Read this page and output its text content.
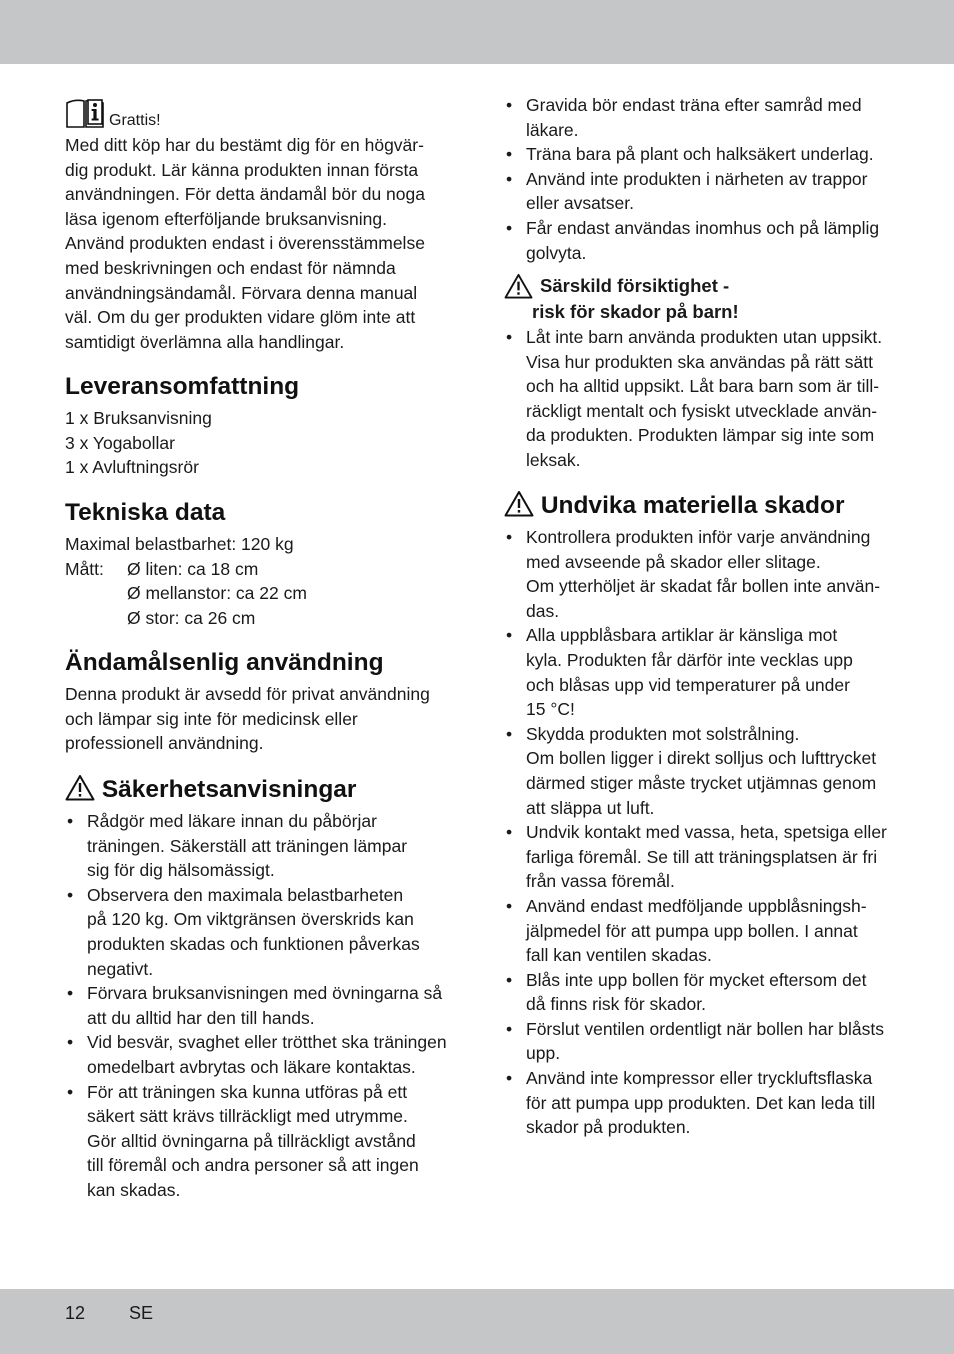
Grattis!
Med ditt köp har du bestämt dig för en högvär-
dig produkt. Lär känna produkten innan första
användningen. För detta ändamål bör du noga
läsa igenom efterföljande bruksanvisning.
Använd produkten endast i överensstämmelse
med beskrivningen och endast för nämnda
användningsändamål. Förvara denna manual
väl. Om du ger produkten vidare glöm inte att
samtidigt överlämna alla handlingar.
Leveransomfattning
1 x Bruksanvisning
3 x Yogabollar
1 x Avluftningsrör
Tekniska data
Maximal belastbarhet: 120 kg
Mått:	Ø liten: ca 18 cm
Ø mellanstor: ca 22 cm
Ø stor: ca 26 cm
Ändamålsenlig användning
Denna produkt är avsedd för privat användning
och lämpar sig inte för medicinsk eller
professionell användning.
Säkerhetsanvisningar
• Rådgör med läkare innan du påbörjar
träningen. Säkerställ att träningen lämpar
sig för dig hälsomässigt.
• Observera den maximala belastbarheten
på 120 kg. Om viktgränsen överskrids kan
produkten skadas och funktionen påverkas
negativt.
• Förvara bruksanvisningen med övningarna så
att du alltid har den till hands.
• Vid besvär, svaghet eller trötthet ska träningen
omedelbart avbrytas och läkare kontaktas.
• För att träningen ska kunna utföras på ett
säkert sätt krävs tillräckligt med utrymme.
Gör alltid övningarna på tillräckligt avstånd
till föremål och andra personer så att ingen
kan skadas.
• Gravida bör endast träna efter samråd med
läkare.
• Träna bara på plant och halksäkert underlag.
• Använd inte produkten i närheten av trappor
eller avsatser.
• Får endast användas inomhus och på lämplig
golvyta.
Särskild försiktighet -
risk för skador på barn!
• Låt inte barn använda produkten utan uppsikt.
Visa hur produkten ska användas på rätt sätt
och ha alltid uppsikt. Låt bara barn som är till-
räckligt mentalt och fysiskt utvecklade använ-
da produkten. Produkten lämpar sig inte som
leksak.
Undvika materiella skador
• Kontrollera produkten inför varje användning
med avseende på skador eller slitage.
Om ytterhöljet är skadat får bollen inte använ-
das.
• Alla uppblåsbara artiklar är känsliga mot
kyla. Produkten får därför inte vecklas upp
och blåsas upp vid temperaturer på under
15 °C!
• Skydda produkten mot solstrålning.
Om bollen ligger i direkt solljus och lufttrycket
därmed stiger måste trycket utjämnas genom
att släppa ut luft.
• Undvik kontakt med vassa, heta, spetsiga eller
farliga föremål. Se till att träningsplatsen är fri
från vassa föremål.
• Använd endast medföljande uppblåsningsh-
jälpmedel för att pumpa upp bollen. I annat
fall kan ventilen skadas.
• Blås inte upp bollen för mycket eftersom det
då finns risk för skador.
• Förslut ventilen ordentligt när bollen har blåsts
upp.
• Använd inte kompressor eller tryckluftsflaska
för att pumpa upp produkten. Det kan leda till
skador på produkten.
12 SE
